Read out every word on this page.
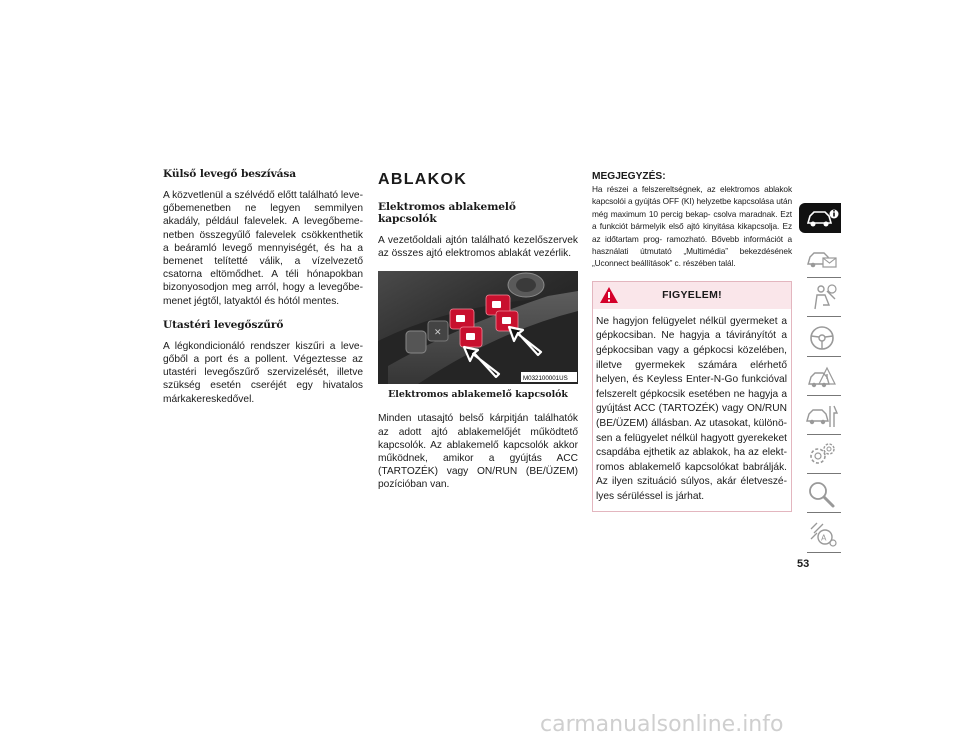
Külső levegő beszívása

A közvetlenül a szélvédő előtt található leve- gőbemenetben ne legyen semmilyen akadály, például falevelek. A levegőbeme- netben összegyűlő falevelek csökkenthetik a beáramló levegő mennyiségét, és ha a bemenet telítetté válik, a vízelvezető csatorna eltömődhet. A téli hónapokban bizonyosodjon meg arról, hogy a levegőbe- menet jégtől, latyaktól és hótól mentes.

Utastéri levegőszűrő

A légkondicionáló rendszer kiszűri a leve- gőből a port és a pollent. Végeztesse az utastéri levegőszűrő szervizelését, illetve szükség esetén cseréjét egy hivatalos márkakereskedővel.

ABLAKOK
Elektromos ablakemelő kapcsolók

A vezetőoldali ajtón található kezelőszervek az összes ajtó elektromos ablakát vezérlik.

✕
M032100001US
Elektromos ablakemelő kapcsolók

Minden utasajtó belső kárpitján találhatók az adott ajtó ablakemelőjét működtető kapcsolók. Az ablakemelő kapcsolók akkor működnek, amikor a gyújtás ACC (TARTOZÉK) vagy ON/RUN (BE/ÜZEM) pozícióban van.

MEGJEGYZÉS:

Ha részei a felszereltségnek, az elektromos ablakok kapcsolói a gyújtás OFF (KI) helyzetbe kapcsolása után még maximum 10 percig bekap- csolva maradnak. Ezt a funkciót bármelyik első ajtó kinyitása kikapcsolja. Ez az időtartam prog- ramozható. Bővebb információt a használati útmutató „Multimédia” bekezdésének „Uconnect beállítások” c. részében talál.

FIGYELEM!
Ne hagyjon felügyelet nélkül gyermeket a gépkocsiban. Ne hagyja a távirányítót a gépkocsiban vagy a gépkocsi közelében, illetve gyermekek számára elérhető helyen, és Keyless Enter-N-Go funkcióval felszerelt gépkocsik esetében ne hagyja a gyújtást ACC (TARTOZÉK) vagy ON/RUN (BE/ÜZEM) állásban. Az utasokat, különö- sen a felügyelet nélkül hagyott gyerekeket csapdába ejthetik az ablakok, ha az elekt- romos ablakemelő kapcsolókat babrálják. Az ilyen szituáció súlyos, akár életveszé- lyes sérüléssel is járhat.
A
53
carmanualsonline.info
